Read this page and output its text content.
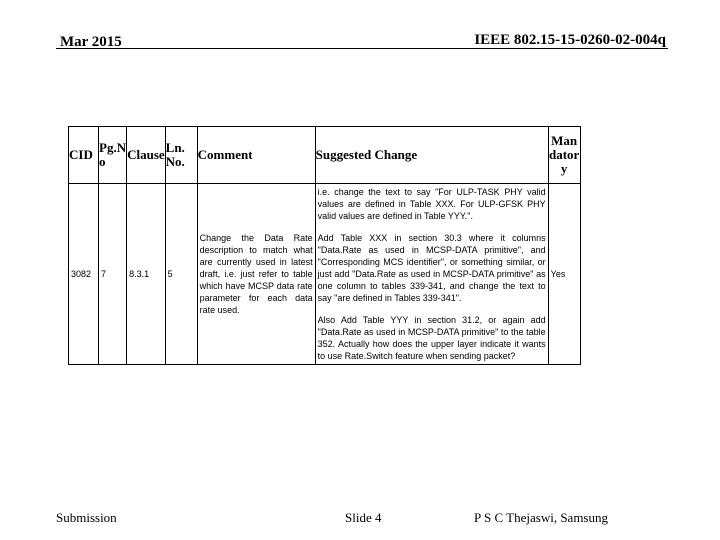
Mar 2015	IEEE 802.15-15-0260-02-004q
CID	Pg.N o	Clause	Ln. No.	Comment	Suggested Change	Man dator y
3082	7	8.3.1	5	Change the Data Rate description to match what are currently used in latest draft, i.e. just refer to table which have MCSP data rate parameter for each data rate used.	i.e. change the text to say "For ULP-TASK PHY valid values are defined in Table XXX. For ULP-GFSK PHY valid values are defined in Table YYY.".

Add Table XXX in section 30.3 where it columns "Data.Rate as used in MCSP-DATA primitive", and "Corresponding MCS identifier", or something similar, or just add "Data.Rate as used in MCSP-DATA primitive" as one column to tables 339-341, and change the text to say "are defined in Tables 339-341".

Also Add Table YYY in section 31.2, or again add "Data.Rate as used in MCSP-DATA primitive" to the table 352. Actually how does the upper layer indicate it wants to use Rate.Switch feature when sending packet?	Yes
Submission	Slide 4	P S C Thejaswi, Samsung
